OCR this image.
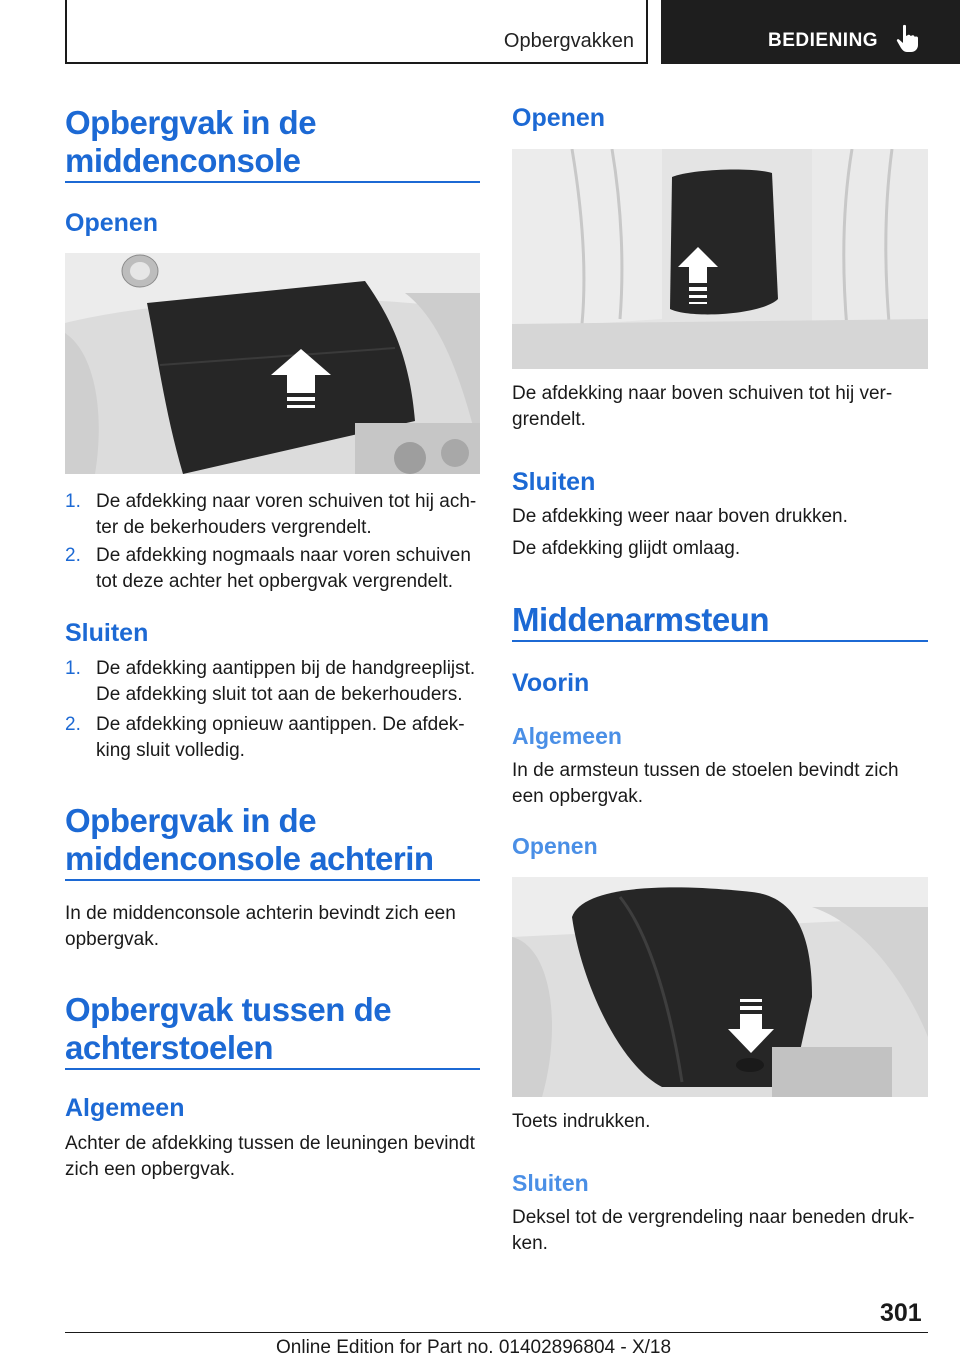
Opbergvakken	BEDIENING
Opbergvak in de
middenconsole
Openen
1. De afdekking naar voren schuiven tot hij ach-ter de bekerhouders vergrendelt.
2. De afdekking nogmaals naar voren schuiven tot deze achter het opbergvak vergrendelt.
Sluiten
1. De afdekking aantippen bij de handgreeplijst. De afdekking sluit tot aan de bekerhouders.
2. De afdekking opnieuw aantippen. De afdek-king sluit volledig.
Opbergvak in de
middenconsole achterin
In de middenconsole achterin bevindt zich een opbergvak.
Opbergvak tussen de
achterstoelen
Algemeen
Achter de afdekking tussen de leuningen bevindt zich een opbergvak.
Openen
De afdekking naar boven schuiven tot hij ver-grendelt.
Sluiten
De afdekking weer naar boven drukken.
De afdekking glijdt omlaag.
Middenarmsteun
Voorin
Algemeen
In de armsteun tussen de stoelen bevindt zich een opbergvak.
Openen
Toets indrukken.
Sluiten
Deksel tot de vergrendeling naar beneden druk-ken.
301
Online Edition for Part no. 01402896804 - X/18
